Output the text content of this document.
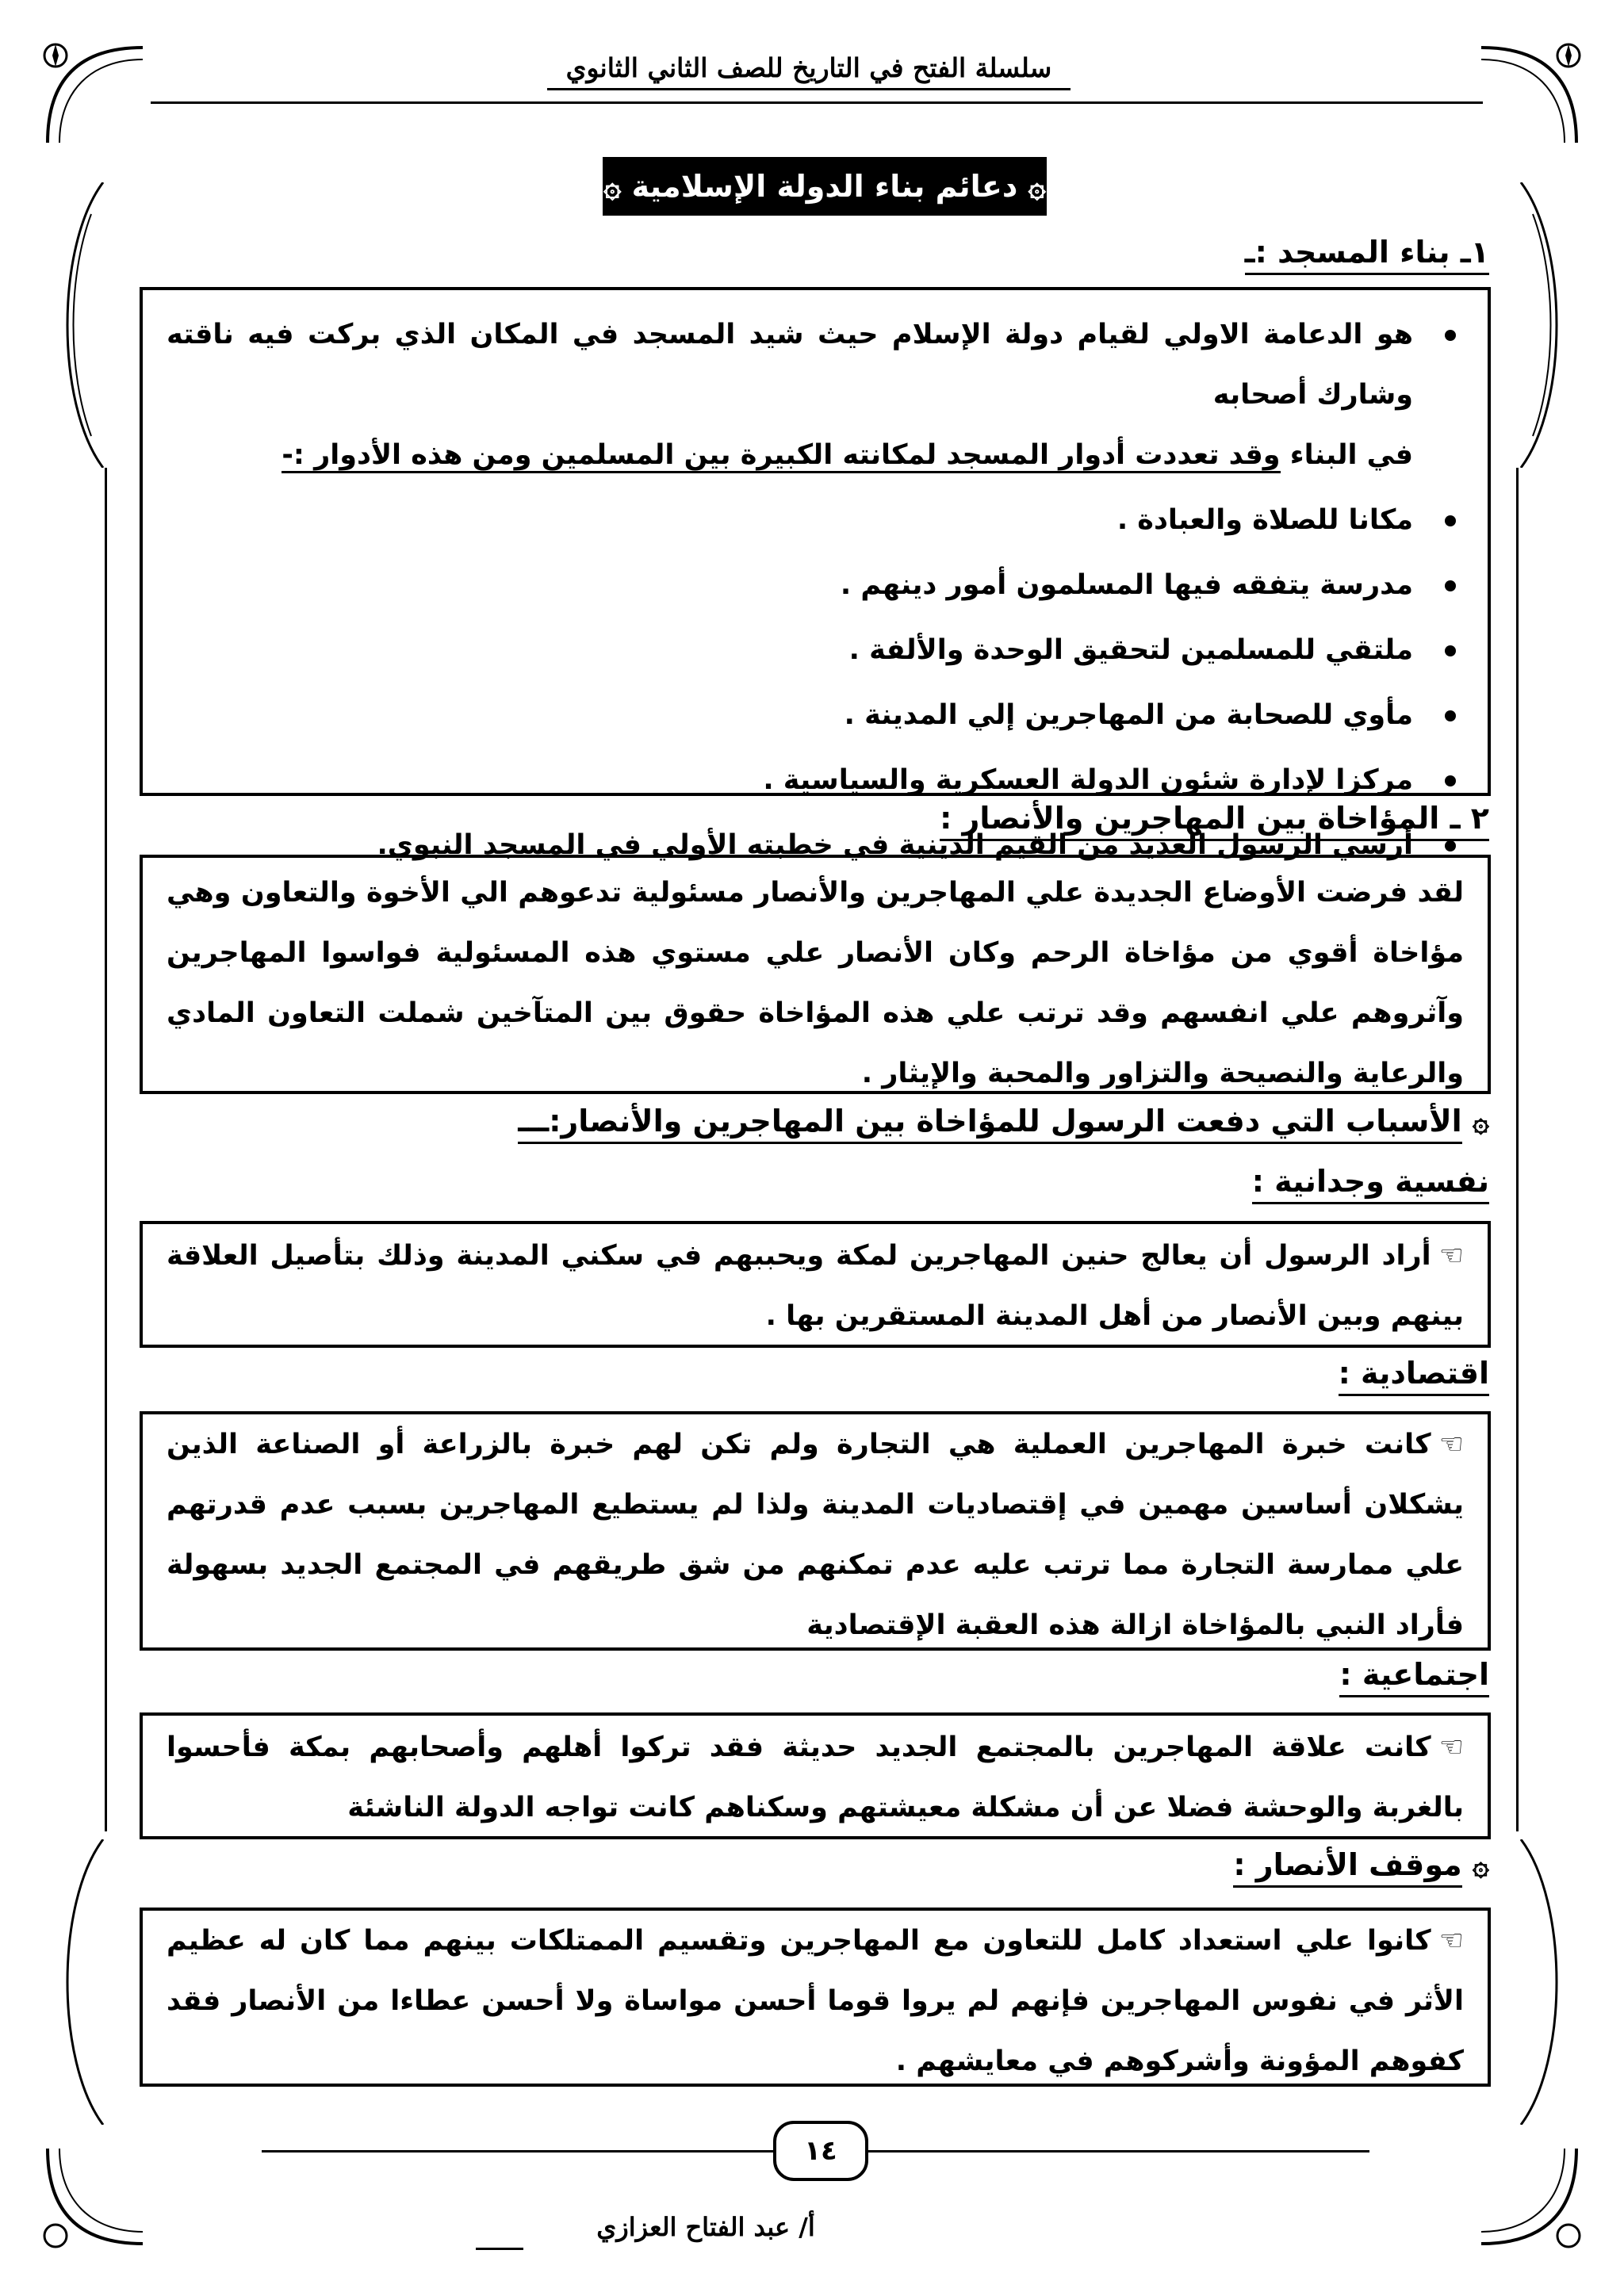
سلسلة الفتح في التاريخ للصف الثاني الثانوي
۞ دعائم بناء الدولة الإسلامية ۞
١ـ بناء المسجد :ـ
هو الدعامة الاولي لقيام دولة الإسلام حيث شيد المسجد في المكان الذي بركت فيه ناقته وشارك أصحابه
في البناء وقد تعددت أدوار المسجد لمكانته الكبيرة بين المسلمين ومن هذه الأدوار :-
مكانا للصلاة والعبادة .
مدرسة يتفقه فيها المسلمون أمور دينهم .
ملتقي للمسلمين لتحقيق الوحدة والألفة .
مأوي للصحابة من المهاجرين إلي المدينة .
مركزا لإدارة شئون الدولة العسكرية والسياسية .
أرسي الرسول العديد من القيم الدينية في خطبته الأولي في المسجد النبوي.
٢ ـ المؤاخاة بين المهاجرين والأنصار :
لقد فرضت الأوضاع الجديدة علي المهاجرين والأنصار مسئولية تدعوهم الي الأخوة والتعاون وهي مؤاخاة أقوي من مؤاخاة الرحم وكان الأنصار علي مستوي هذه المسئولية فواسوا المهاجرين وآثروهم علي انفسهم وقد ترتب علي هذه المؤاخاة حقوق بين المتآخين شملت التعاون المادي والرعاية والنصيحة والتزاور والمحبة والإيثار .
۞ الأسباب التي دفعت الرسول للمؤاخاة بين المهاجرين والأنصار:ـــ
نفسية وجدانية :
☜أراد الرسول أن يعالج حنين المهاجرين لمكة ويحببهم في سكني المدينة وذلك بتأصيل العلاقة بينهم وبين الأنصار من أهل المدينة المستقرين بها .
اقتصادية :
☜كانت خبرة المهاجرين العملية هي التجارة ولم تكن لهم خبرة بالزراعة أو الصناعة الذين يشكلان أساسين مهمين في إقتصاديات المدينة ولذا لم يستطيع المهاجرين بسبب عدم قدرتهم علي ممارسة التجارة مما ترتب عليه عدم تمكنهم من شق طريقهم في المجتمع الجديد بسهولة فأراد النبي بالمؤاخاة ازالة هذه العقبة الإقتصادية
اجتماعية :
☜كانت علاقة المهاجرين بالمجتمع الجديد حديثة فقد تركوا أهلهم وأصحابهم بمكة فأحسوا بالغربة والوحشة فضلا عن أن مشكلة معيشتهم وسكناهم كانت تواجه الدولة الناشئة
۞ موقف الأنصار :
☜كانوا علي استعداد كامل للتعاون مع المهاجرين وتقسيم الممتلكات بينهم مما كان له عظيم الأثر في نفوس المهاجرين فإنهم لم يروا قوما أحسن مواساة ولا أحسن عطاءا من الأنصار فقد كفوهم المؤونة وأشركوهم في معايشهم .
١٤
أ/ عبد الفتاح العزازي
